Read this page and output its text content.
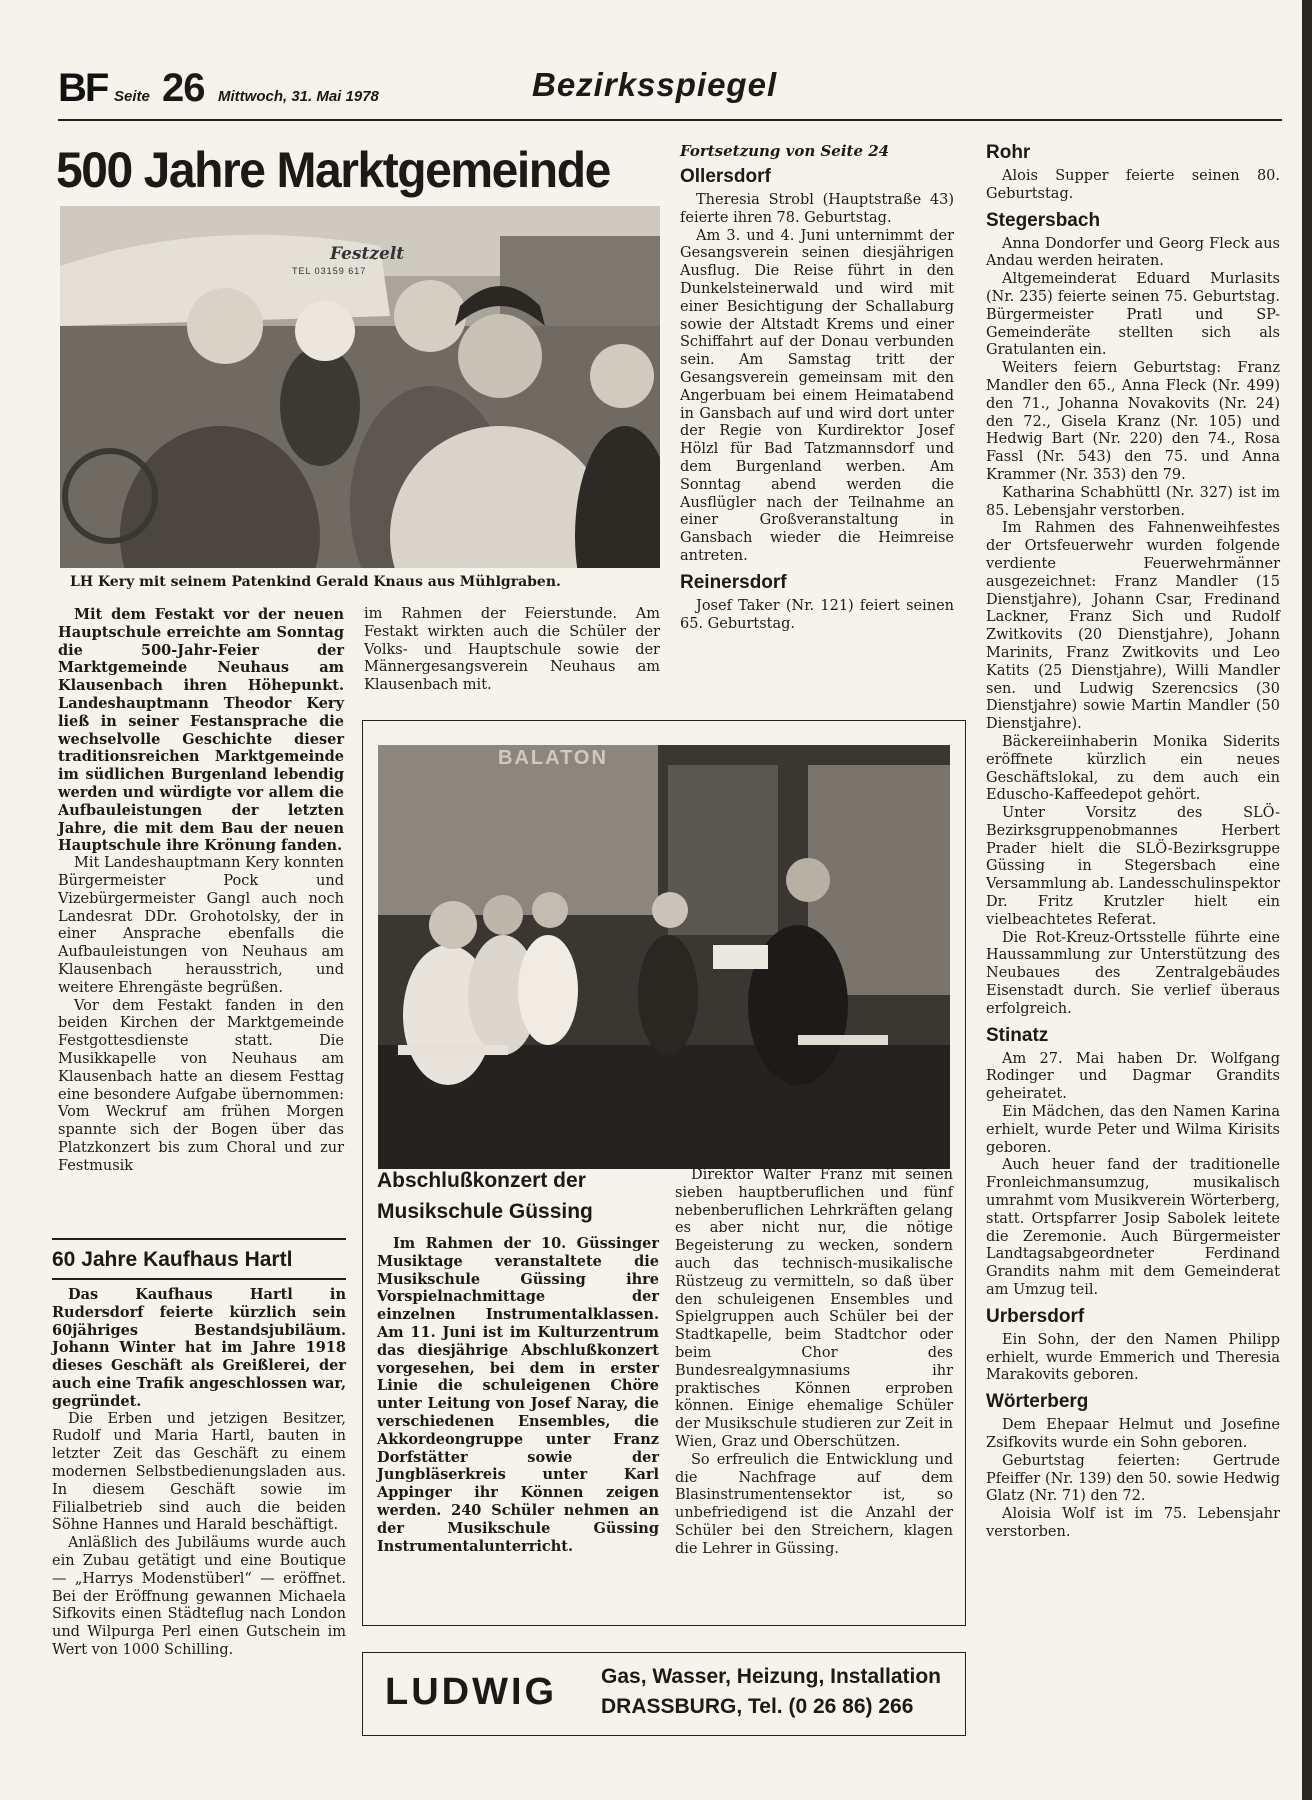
BF Seite 26 Mittwoch, 31. Mai 1978	Bezirksspiegel
500 Jahre Marktgemeinde
Festzelt
TEL 03159 617
LH Kery mit seinem Patenkind Gerald Knaus aus Mühlgraben.

Mit dem Festakt vor der neuen Hauptschule erreichte am Sonntag die 500-Jahr-Feier der Marktgemeinde Neuhaus am Klausenbach ihren Höhepunkt. Landeshauptmann Theodor Kery ließ in seiner Festansprache die wechselvolle Geschichte dieser traditionsreichen Marktgemeinde im südlichen Burgenland lebendig werden und würdigte vor allem die Aufbauleistungen der letzten Jahre, die mit dem Bau der neuen Hauptschule ihre Krönung fanden.

Mit Landeshauptmann Kery konnten Bürgermeister Pock und Vizebürgermeister Gangl auch noch Landesrat DDr. Grohotolsky, der in einer Ansprache ebenfalls die Aufbauleistungen von Neuhaus am Klausenbach herausstrich, und weitere Ehrengäste begrüßen.

Vor dem Festakt fanden in den beiden Kirchen der Marktgemeinde Festgottesdienste statt. Die Musikkapelle von Neuhaus am Klausenbach hatte an diesem Festtag eine besondere Aufgabe übernommen: Vom Weckruf am frühen Morgen spannte sich der Bogen über das Platzkonzert bis zum Choral und zur Festmusik

im Rahmen der Feierstunde. Am Festakt wirkten auch die Schüler der Volks- und Hauptschule sowie der Männergesangsverein Neuhaus am Klausenbach mit.

60 Jahre Kaufhaus Hartl

Das Kaufhaus Hartl in Rudersdorf feierte kürzlich sein 60jähriges Bestandsjubiläum. Johann Winter hat im Jahre 1918 dieses Geschäft als Greißlerei, der auch eine Trafik angeschlossen war, gegründet.

Die Erben und jetzigen Besitzer, Rudolf und Maria Hartl, bauten in letzter Zeit das Geschäft zu einem modernen Selbstbedienungsladen aus. In diesem Geschäft sowie im Filialbetrieb sind auch die beiden Söhne Hannes und Harald beschäftigt.

Anläßlich des Jubiläums wurde auch ein Zubau getätigt und eine Boutique — „Harrys Modenstüberl“ — eröffnet. Bei der Eröffnung gewannen Michaela Sifkovits einen Städteflug nach London und Wilpurga Perl einen Gutschein im Wert von 1000 Schilling.

Fortsetzung von Seite 24
Ollersdorf

Theresia Strobl (Hauptstraße 43) feierte ihren 78. Geburtstag.

Am 3. und 4. Juni unternimmt der Gesangsverein seinen diesjährigen Ausflug. Die Reise führt in den Dunkelsteinerwald und wird mit einer Besichtigung der Schallaburg sowie der Altstadt Krems und einer Schiffahrt auf der Donau verbunden sein. Am Samstag tritt der Gesangsverein gemeinsam mit den Angerbuam bei einem Heimatabend in Gansbach auf und wird dort unter der Regie von Kurdirektor Josef Hölzl für Bad Tatzmannsdorf und dem Burgenland werben. Am Sonntag abend werden die Ausflügler nach der Teilnahme an einer Großveranstaltung in Gansbach wieder die Heimreise antreten.

Reinersdorf

Josef Taker (Nr. 121) feiert seinen 65. Geburtstag.

BALATON
Abschlußkonzert der
Musikschule Güssing

Im Rahmen der 10. Güssinger Musiktage veranstaltete die Musikschule Güssing ihre Vorspielnachmittage der einzelnen Instrumentalklassen. Am 11. Juni ist im Kulturzentrum das diesjährige Abschlußkonzert vorgesehen, bei dem in erster Linie die schuleigenen Chöre unter Leitung von Josef Naray, die verschiedenen Ensembles, die Akkordeongruppe unter Franz Dorfstätter sowie der Jungbläserkreis unter Karl Appinger ihr Können zeigen werden. 240 Schüler nehmen an der Musikschule Güssing Instrumentalunterricht.

Direktor Walter Franz mit seinen sieben hauptberuflichen und fünf nebenberuflichen Lehrkräften gelang es aber nicht nur, die nötige Begeisterung zu wecken, sondern auch das technisch-musikalische Rüstzeug zu vermitteln, so daß über den schuleigenen Ensembles und Spielgruppen auch Schüler bei der Stadtkapelle, beim Stadtchor oder beim Chor des Bundesrealgymnasiums ihr praktisches Können erproben können. Einige ehemalige Schüler der Musikschule studieren zur Zeit in Wien, Graz und Oberschützen.

So erfreulich die Entwicklung und die Nachfrage auf dem Blasinstrumentensektor ist, so unbefriedigend ist die Anzahl der Schüler bei den Streichern, klagen die Lehrer in Güssing.

LUDWIG Gas, Wasser, Heizung, Installation
DRASSBURG, Tel. (0 26 86) 266
Rohr

Alois Supper feierte seinen 80. Geburtstag.

Stegersbach

Anna Dondorfer und Georg Fleck aus Andau werden heiraten.

Altgemeinderat Eduard Murlasits (Nr. 235) feierte seinen 75. Geburtstag. Bürgermeister Pratl und SP-Gemeinderäte stellten sich als Gratulanten ein.

Weiters feiern Geburtstag: Franz Mandler den 65., Anna Fleck (Nr. 499) den 71., Johanna Novakovits (Nr. 24) den 72., Gisela Kranz (Nr. 105) und Hedwig Bart (Nr. 220) den 74., Rosa Fassl (Nr. 543) den 75. und Anna Krammer (Nr. 353) den 79.

Katharina Schabhüttl (Nr. 327) ist im 85. Lebensjahr verstorben.

Im Rahmen des Fahnenweihfestes der Ortsfeuerwehr wurden folgende verdiente Feuerwehrmänner ausgezeichnet: Franz Mandler (15 Dienstjahre), Johann Csar, Fredinand Lackner, Franz Sich und Rudolf Zwitkovits (20 Dienstjahre), Johann Marinits, Franz Zwitkovits und Leo Katits (25 Dienstjahre), Willi Mandler sen. und Ludwig Szerencsics (30 Dienstjahre) sowie Martin Mandler (50 Dienstjahre).

Bäckereiinhaberin Monika Siderits eröffnete kürzlich ein neues Geschäftslokal, zu dem auch ein Eduscho-Kaffeedepot gehört.

Unter Vorsitz des SLÖ-Bezirksgruppenobmannes Herbert Prader hielt die SLÖ-Bezirksgruppe Güssing in Stegersbach eine Versammlung ab. Landesschulinspektor Dr. Fritz Krutzler hielt ein vielbeachtetes Referat.

Die Rot-Kreuz-Ortsstelle führte eine Haussammlung zur Unterstützung des Neubaues des Zentralgebäudes Eisenstadt durch. Sie verlief überaus erfolgreich.

Stinatz

Am 27. Mai haben Dr. Wolfgang Rodinger und Dagmar Grandits geheiratet.

Ein Mädchen, das den Namen Karina erhielt, wurde Peter und Wilma Kirisits geboren.

Auch heuer fand der traditionelle Fronleichmansumzug, musikalisch umrahmt vom Musikverein Wörterberg, statt. Ortspfarrer Josip Sabolek leitete die Zeremonie. Auch Bürgermeister Landtagsabgeordneter Ferdinand Grandits nahm mit dem Gemeinderat am Umzug teil.

Urbersdorf

Ein Sohn, der den Namen Philipp erhielt, wurde Emmerich und Theresia Marakovits geboren.

Wörterberg

Dem Ehepaar Helmut und Josefine Zsifkovits wurde ein Sohn geboren.

Geburtstag feierten: Gertrude Pfeiffer (Nr. 139) den 50. sowie Hedwig Glatz (Nr. 71) den 72.

Aloisia Wolf ist im 75. Lebensjahr verstorben.
